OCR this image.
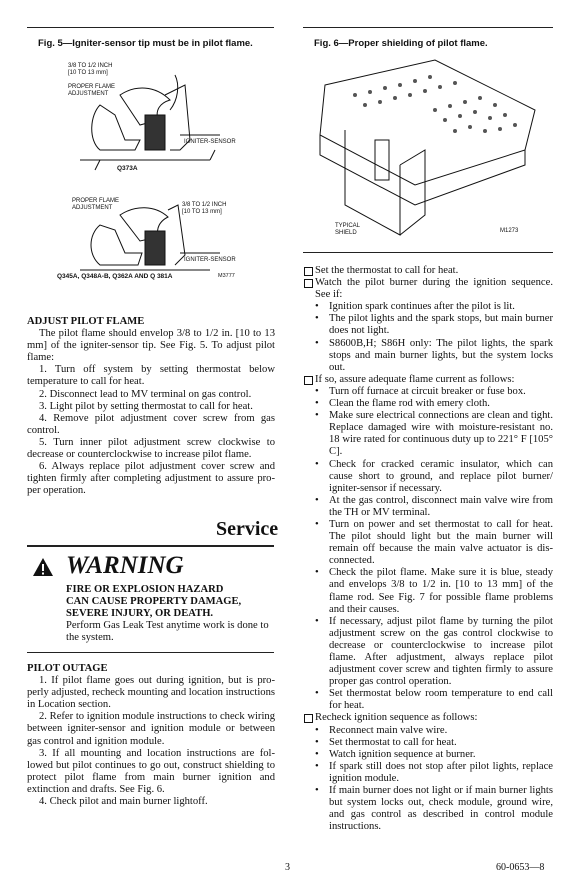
Fig. 5—Igniter-sensor tip must be in pilot flame.
3/8 TO 1/2 INCH
[10 TO 13 mm]
PROPER FLAME
ADJUSTMENT
IGNITER-SENSOR
Q373A
PROPER FLAME
ADJUSTMENT	3/8 TO 1/2 INCH
[10 TO 13 mm]
IGNITER-SENSOR
Q345A, Q348A-B, Q362A AND Q 381A	M3777
Fig. 6—Proper shielding of pilot flame.
TYPICAL
SHIELD	M1273
ADJUST PILOT FLAME

The pilot flame should envelop 3/8 to 1/2 in. [10 to 13 mm] of the igniter-sensor tip. See Fig. 5. To adjust pilot flame:

1. Turn off system by setting thermostat below temperature to call for heat.

2. Disconnect lead to MV terminal on gas control.

3. Light pilot by setting thermostat to call for heat.

4. Remove pilot adjustment cover screw from gas control.

5. Turn inner pilot adjustment screw clockwise to decrease or counterclockwise to increase pilot flame.

6. Always replace pilot adjustment cover screw and tighten firmly after completing adjustment to assure pro-per operation.

Service
WARNING
FIRE OR EXPLOSION HAZARD
CAN CAUSE PROPERTY DAMAGE,
SEVERE INJURY, OR DEATH.
Perform Gas Leak Test anytime work is done to the system.
PILOT OUTAGE

1. If pilot flame goes out during ignition, but is pro-perly adjusted, recheck mounting and location instructions in Location section.

2. Refer to ignition module instructions to check wiring between igniter-sensor and ignition module or between gas control and ignition module.

3. If all mounting and location instructions are fol-lowed but pilot continues to go out, construct shielding to protect pilot flame from main burner ignition and extinction and drafts. See Fig. 6.

4. Check pilot and main burner lightoff.

Set the thermostat to call for heat.

Watch the pilot burner during the ignition sequence. See if:

• Ignition spark continues after the pilot is lit.
• The pilot lights and the spark stops, but main burner does not light.
• S8600B,H; S86H only: The pilot lights, the spark stops and main burner lights, but the system locks out.

If so, assure adequate flame current as follows:

• Turn off furnace at circuit breaker or fuse box.
• Clean the flame rod with emery cloth.
• Make sure electrical connections are clean and tight. Replace damaged wire with moisture-resistant no. 18 wire rated for continuous duty up to 221° F [105° C].
• Check for cracked ceramic insulator, which can cause short to ground, and replace pilot burner/ igniter-sensor if necessary.
• At the gas control, disconnect main valve wire from the TH or MV terminal.
• Turn on power and set thermostat to call for heat. The pilot should light but the main burner will remain off because the main valve actuator is dis-connected.
• Check the pilot flame. Make sure it is blue, steady and envelops 3/8 to 1/2 in. [10 to 13 mm] of the flame rod. See Fig. 7 for possible flame problems and their causes.
• If necessary, adjust pilot flame by turning the pilot adjustment screw on the gas control clockwise to decrease or counterclockwise to increase pilot flame. After adjustment, always replace pilot adjustment cover screw and tighten firmly to assure proper gas control operation.
• Set thermostat below room temperature to end call for heat.

Recheck ignition sequence as follows:

• Reconnect main valve wire.
• Set thermostat to call for heat.
• Watch ignition sequence at burner.
• If spark still does not stop after pilot lights, replace ignition module.
• If main burner does not light or if main burner lights but system locks out, check module, ground wire, and gas control as described in control module instructions.
3	60-0653—8
